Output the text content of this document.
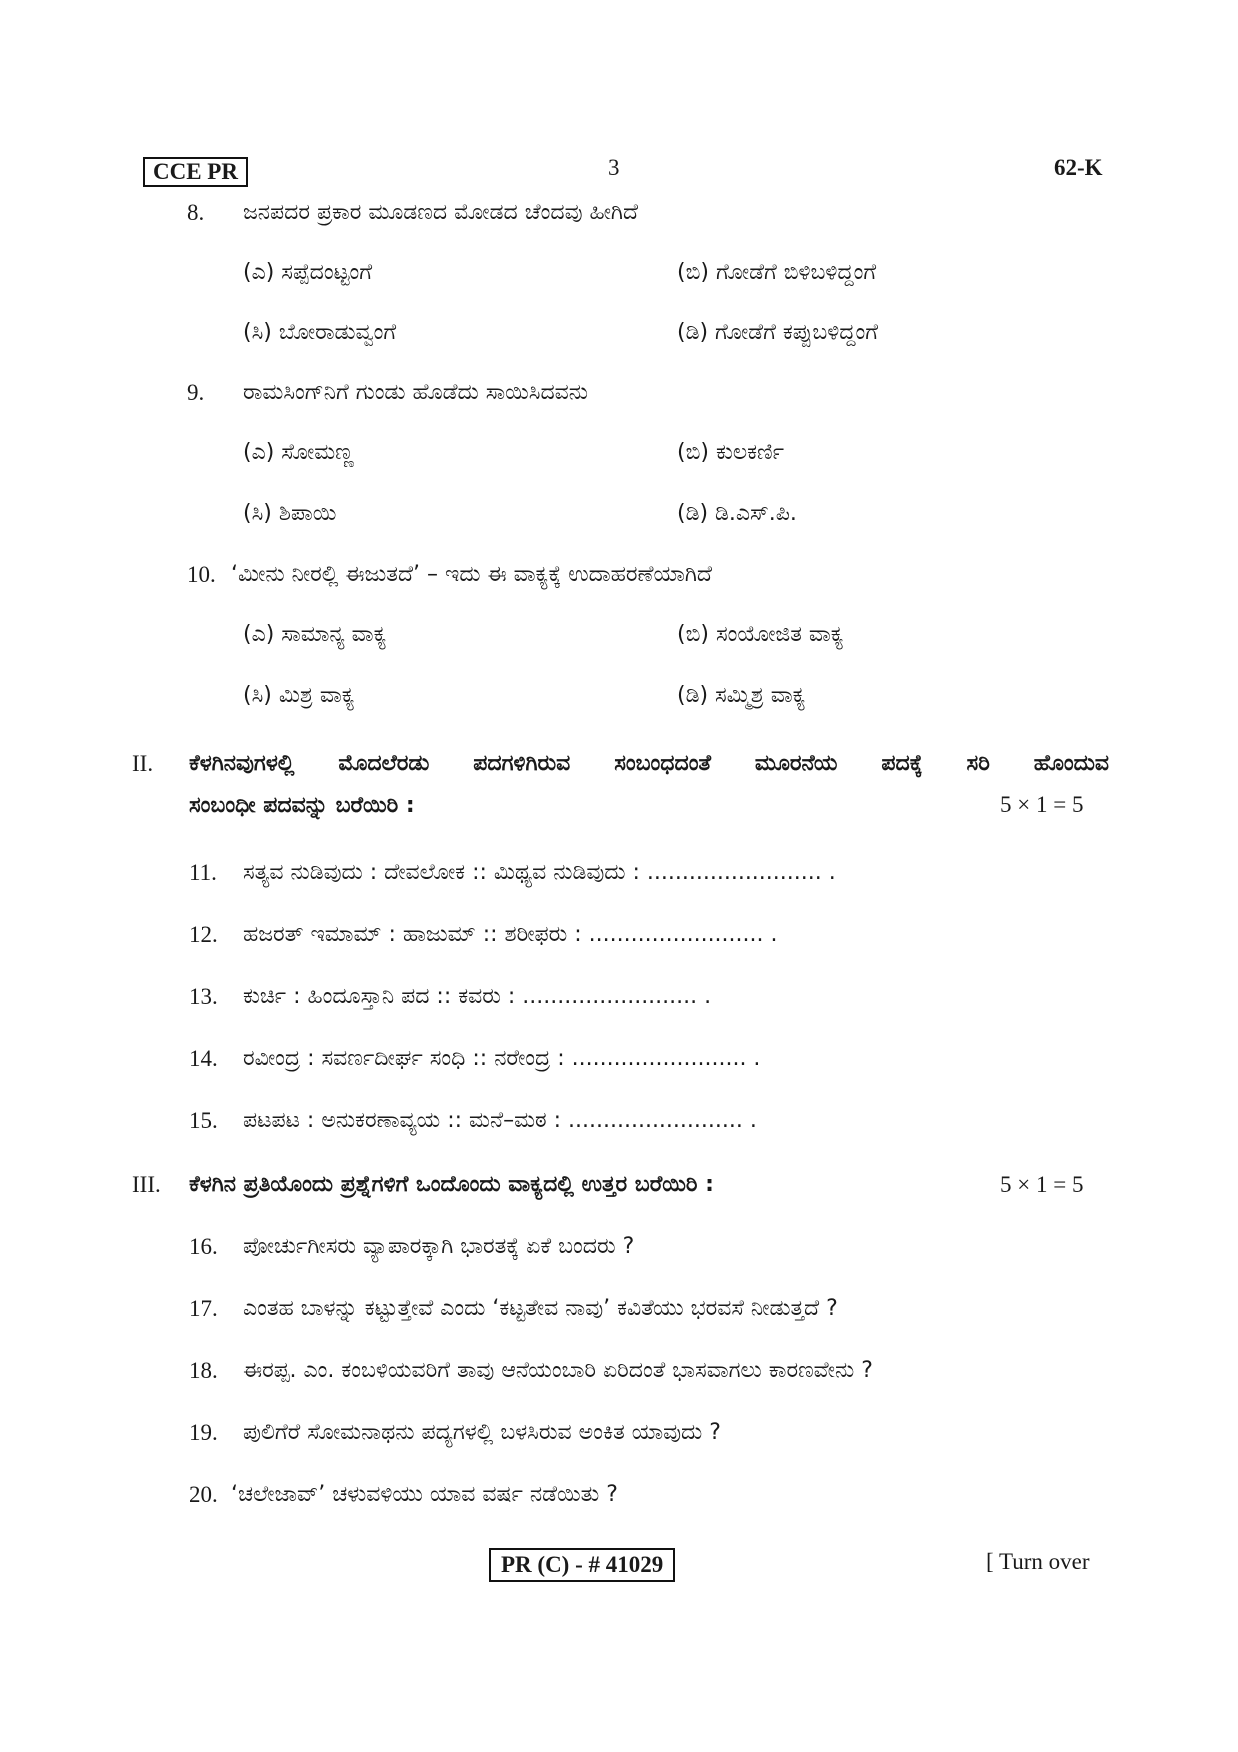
CCE PR	3	62-K
8. ಜನಪದರ ಪ್ರಕಾರ ಮೂಡಣದ ಮೋಡದ ಚೆಂದವು ಹೀಗಿದೆ
(ಎ) ಸಪ್ಪೆದಂಟ್ಟಂಗೆ	(ಬಿ) ಗೋಡೆಗೆ ಬಿಳಿಬಳಿದ್ದಂಗೆ
(ಸಿ) ಬೋರಾಡುವ್ವಂಗೆ	(ಡಿ) ಗೋಡೆಗೆ ಕಪ್ಪುಬಳಿದ್ದಂಗೆ
9. ರಾಮಸಿಂಗ್‌ನಿಗೆ ಗುಂಡು ಹೊಡೆದು ಸಾಯಿಸಿದವನು
(ಎ) ಸೋಮಣ್ಣ	(ಬಿ) ಕುಲಕರ್ಣಿ
(ಸಿ) ಶಿಪಾಯಿ	(ಡಿ) ಡಿ.ಎಸ್.ಪಿ.
10. ‘ಮೀನು ನೀರಲ್ಲಿ ಈಜುತದೆ’ – ಇದು ಈ ವಾಕ್ಯಕ್ಕೆ ಉದಾಹರಣೆಯಾಗಿದೆ
(ಎ) ಸಾಮಾನ್ಯ ವಾಕ್ಯ	(ಬಿ) ಸಂಯೋಜಿತ ವಾಕ್ಯ
(ಸಿ) ಮಿಶ್ರ ವಾಕ್ಯ	(ಡಿ) ಸಮ್ಮಿಶ್ರ ವಾಕ್ಯ
II. ಕೆಳಗಿನವುಗಳಲ್ಲಿ ಮೊದಲೆರಡು ಪದಗಳಿಗಿರುವ ಸಂಬಂಧದಂತೆ ಮೂರನೆಯ ಪದಕ್ಕೆ ಸರಿ ಹೊಂದುವ
ಸಂಬಂಧೀ ಪದವನ್ನು ಬರೆಯಿರಿ :	5 × 1 = 5
11. ಸತ್ಯವ ನುಡಿವುದು : ದೇವಲೋಕ :: ಮಿಥ್ಯವ ನುಡಿವುದು : ......................... .
12. ಹಜರತ್ ಇಮಾಮ್ : ಹಾಜುಮ್ :: ಶರೀಫರು : ......................... .
13. ಕುರ್ಚಿ : ಹಿಂದೂಸ್ತಾನಿ ಪದ :: ಕವರು : ......................... .
14. ರವೀಂದ್ರ : ಸವರ್ಣದೀರ್ಘ ಸಂಧಿ :: ನರೇಂದ್ರ : ......................... .
15. ಪಟಪಟ : ಅನುಕರಣಾವ್ಯಯ :: ಮನೆ–ಮಠ : ......................... .
III. ಕೆಳಗಿನ ಪ್ರತಿಯೊಂದು ಪ್ರಶ್ನೆಗಳಿಗೆ ಒಂದೊಂದು ವಾಕ್ಯದಲ್ಲಿ ಉತ್ತರ ಬರೆಯಿರಿ :	5 × 1 = 5
16. ಪೋರ್ಚುಗೀಸರು ವ್ಯಾಪಾರಕ್ಕಾಗಿ ಭಾರತಕ್ಕೆ ಏಕೆ ಬಂದರು ?
17. ಎಂತಹ ಬಾಳನ್ನು ಕಟ್ಟುತ್ತೇವೆ ಎಂದು ‘ಕಟ್ಟತೇವ ನಾವು’ ಕವಿತೆಯು ಭರವಸೆ ನೀಡುತ್ತದೆ ?
18. ಈರಪ್ಪ. ಎಂ. ಕಂಬಳಿಯವರಿಗೆ ತಾವು ಆನೆಯಂಬಾರಿ ಏರಿದಂತೆ ಭಾಸವಾಗಲು ಕಾರಣವೇನು ?
19. ಪುಲಿಗೆರೆ ಸೋಮನಾಥನು ಪದ್ಯಗಳಲ್ಲಿ ಬಳಸಿರುವ ಅಂಕಿತ ಯಾವುದು ?
20. ‘ಚಲೇಜಾವ್’ ಚಳುವಳಿಯು ಯಾವ ವರ್ಷ ನಡೆಯಿತು ?
PR (C) - # 41029	[ Turn over
